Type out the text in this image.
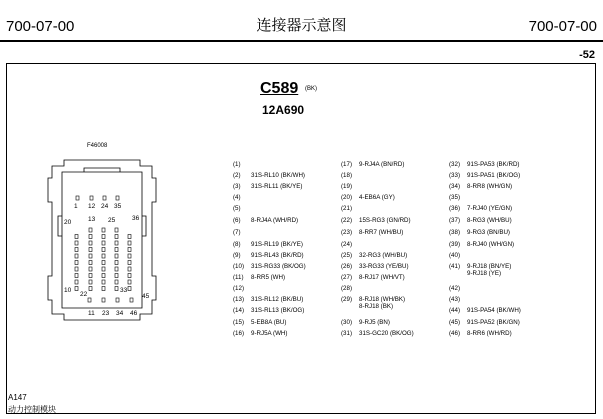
700-07-00	连接器示意图	700-07-00
-52
C589 (BK)
12A690
F46008
1 12 24 35
13 25	36
20
10
22
33
45
11 23 34 46
(1)
(2) 31S-RL10 (BK/WH)
(3) 31S-RL11 (BK/YE)
(4)
(5)
(6) 8-RJ4A (WH/RD)
(7)
(8) 91S-RL19 (BK/YE)
(9) 91S-RL43 (BK/RD)
(10) 31S-RG33 (BK/OG)
(11) 8-RR5 (WH)
(12)
(13) 31S-RL12 (BK/BU)
(14) 31S-RL13 (BK/OG)
(15) 5-EB8A (BU)
(16) 9-RJ5A (WH)
(17) 9-RJ4A (BN/RD)
(18)
(19)
(20) 4-EB6A (GY)
(21)
(22) 15S-RG3 (GN/RD)
(23) 8-RR7 (WH/BU)
(24)
(25) 32-RG3 (WH/BU)
(26) 33-RG33 (YE/BU)
(27) 8-RJ17 (WH/VT)
(28)
(29) 8-RJ18 (WH/BK)
8-RJ18 (BK)
(30) 9-RJ5 (BN)
(31) 31S-GC20 (BK/OG)
(32) 91S-PA53 (BK/RD)
(33) 91S-PA51 (BK/OG)
(34) 8-RR8 (WH/GN)
(35)
(36) 7-RJ40 (YE/GN)
(37) 8-RG3 (WH/BU)
(38) 9-RG3 (BN/BU)
(39) 8-RJ40 (WH/GN)
(40)
(41) 9-RJ18 (BN/YE)
9-RJ18 (YE)
(42)
(43)
(44) 91S-PA54 (BK/WH)
(45) 91S-PA52 (BK/GN)
(46) 8-RR6 (WH/RD)
A147
动力控制模块
